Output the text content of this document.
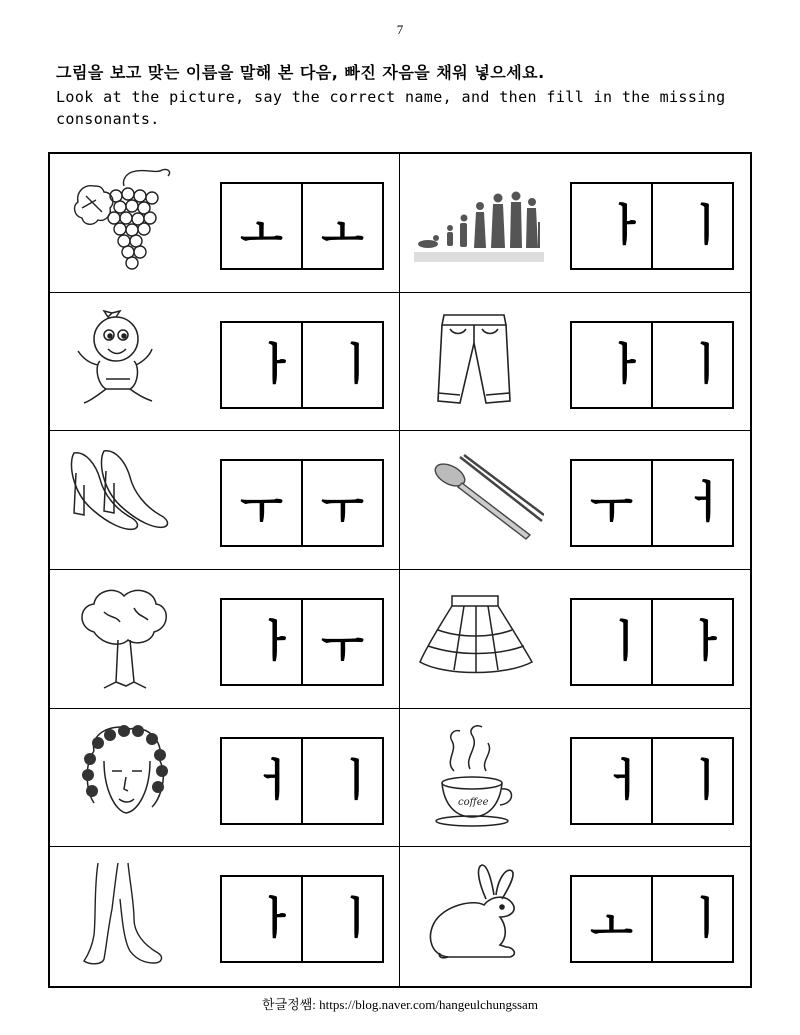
7
그림을 보고 맞는 이름을 말해 본 다음, 빠진 자음을 채워 넣으세요.
Look at the picture, say the correct name, and then fill in the missing consonants.
ㅗ ㅗ	ㅏ ㅣ
ㅏ ㅣ	ㅏ ㅣ
ㅜ ㅜ	ㅜ ㅓ
ㅏ ㅜ	ㅣ ㅏ
ㅓ ㅣ	coffee	ㅓ ㅣ
ㅏ ㅣ	ㅗ ㅣ
한글정쌤: https://blog.naver.com/hangeulchungssam
